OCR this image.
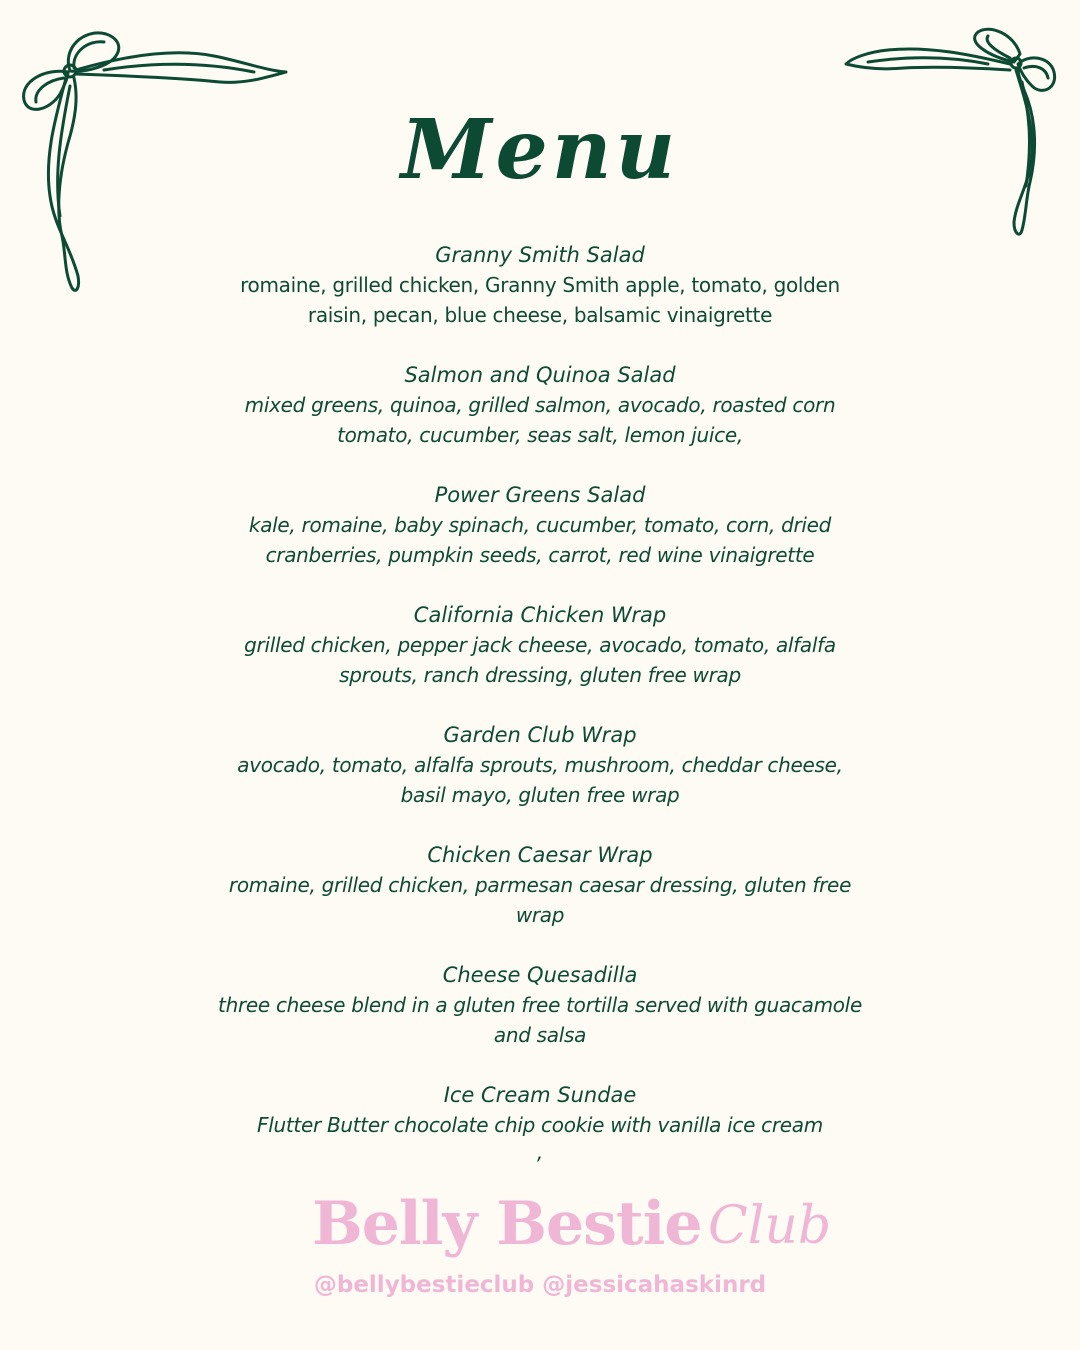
Menu
Granny Smith Salad
romaine, grilled chicken, Granny Smith apple, tomato, golden
raisin, pecan, blue cheese, balsamic vinaigrette
Salmon and Quinoa Salad
mixed greens, quinoa, grilled salmon, avocado, roasted corn
tomato, cucumber, seas salt, lemon juice,
Power Greens Salad
kale, romaine, baby spinach, cucumber, tomato, corn, dried
cranberries, pumpkin seeds, carrot, red wine vinaigrette
California Chicken Wrap
grilled chicken, pepper jack cheese, avocado, tomato, alfalfa
sprouts, ranch dressing, gluten free wrap
Garden Club Wrap
avocado, tomato, alfalfa sprouts, mushroom, cheddar cheese,
basil mayo, gluten free wrap
Chicken Caesar Wrap
romaine, grilled chicken, parmesan caesar dressing, gluten free
wrap
Cheese Quesadilla
three cheese blend in a gluten free tortilla served with guacamole
and salsa
Ice Cream Sundae
Flutter Butter chocolate chip cookie with vanilla ice cream
,
Belly Bestie Club
@bellybestieclub @jessicahaskinrd
